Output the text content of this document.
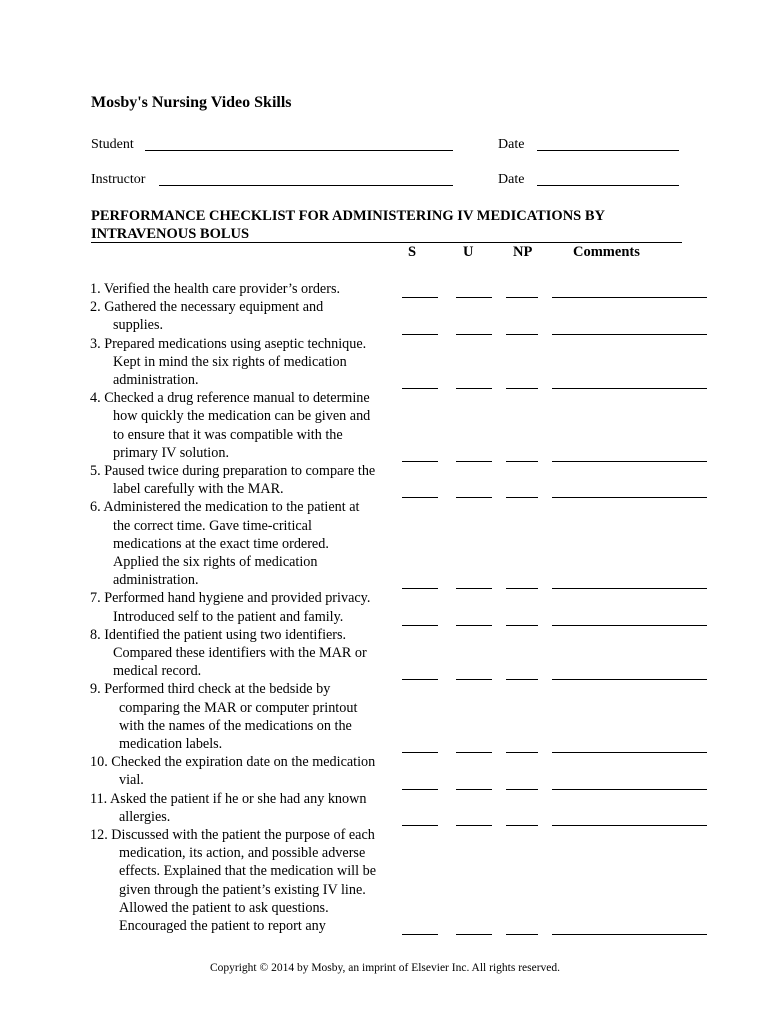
Mosby's Nursing Video Skills
Student	Date
Instructor	Date
PERFORMANCE CHECKLIST FOR ADMINISTERING IV MEDICATIONS BY
INTRAVENOUS BOLUS
S	U	NP	Comments
1. Verified the health care provider’s orders.
2. Gathered the necessary equipment and
supplies.
3. Prepared medications using aseptic technique.
Kept in mind the six rights of medication
administration.
4. Checked a drug reference manual to determine
how quickly the medication can be given and
to ensure that it was compatible with the
primary IV solution.
5. Paused twice during preparation to compare the
label carefully with the MAR.
6. Administered the medication to the patient at
the correct time. Gave time-critical
medications at the exact time ordered.
Applied the six rights of medication
administration.
7. Performed hand hygiene and provided privacy.
Introduced self to the patient and family.
8. Identified the patient using two identifiers.
Compared these identifiers with the MAR or
medical record.
9. Performed third check at the bedside by
comparing the MAR or computer printout
with the names of the medications on the
medication labels.
10. Checked the expiration date on the medication
vial.
11. Asked the patient if he or she had any known
allergies.
12. Discussed with the patient the purpose of each
medication, its action, and possible adverse
effects. Explained that the medication will be
given through the patient’s existing IV line.
Allowed the patient to ask questions.
Encouraged the patient to report any
Copyright © 2014 by Mosby, an imprint of Elsevier Inc. All rights reserved.
